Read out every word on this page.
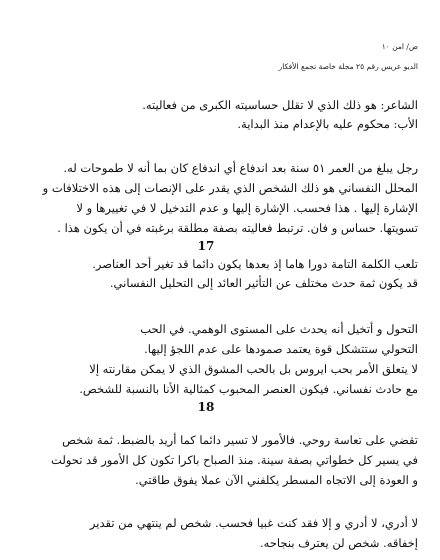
ص/ امن ١٠
الديو عريس رقم ٢٥ مجلة خاصة تجمع الأفكار
الشاعر: هو ذلك الذي لا تقلل حساسيته الكبرى من فعاليته.
الأب: محكوم عليه بالإعدام منذ البداية.
رجل يبلغ من العمر ٥١ سنة بعد اندفاع أي اندفاع كان بما أنه لا طموحات له.
المحلل النفساني هو ذلك الشخص الذي يقدر على الإنصات إلى هذه الاختلافات و
الإشارة إليها . هذا فحسب. الإشارة إليها و عدم التدخيل لا في تغييرها و لا
تسويتها. حساس و فان. ترتبط فعاليته بصفة مطلقة برغبته في أن يكون هذا .
17
تلعب الكلمة التامة دورا هاما إذ بعدها يكون دائما قد تغير أحد العناصر.
قد يكون ثمة حدث مختلف عن التأثير العائد إلى التحليل النفساني.
التحول و أتخيل أنه يحدث على المستوى الوهمي. في الحب
التحولي ستتشكل قوة يعتمد صمودها على عدم اللجؤ إليها.
لا يتعلق الأمر بحب ايروس بل بالحب المشوق الذي لا يمكن مقارنته إلا
مع حادث نفساني. فيكون العنصر المحبوب كمثالية الأنا بالنسبة للشخص.
18
تقضي على تعاسة روحي. فالأمور لا تسير دائما كما أريد بالضبط. ثمة شخص
في يسير كل خطواتي بصفة سينة. منذ الصباح باكرا تكون كل الأمور قد تحولت
و العودة إلى الاتجاه المسطر يكلفني الآن عملا يفوق طاقتي.
لا أدري، لا أدري و إلا فقد كنت غبيا فحسب. شخص لم ينتهي من تقدير
إخفاقه. شخص لن يعترف بنجاحه.
